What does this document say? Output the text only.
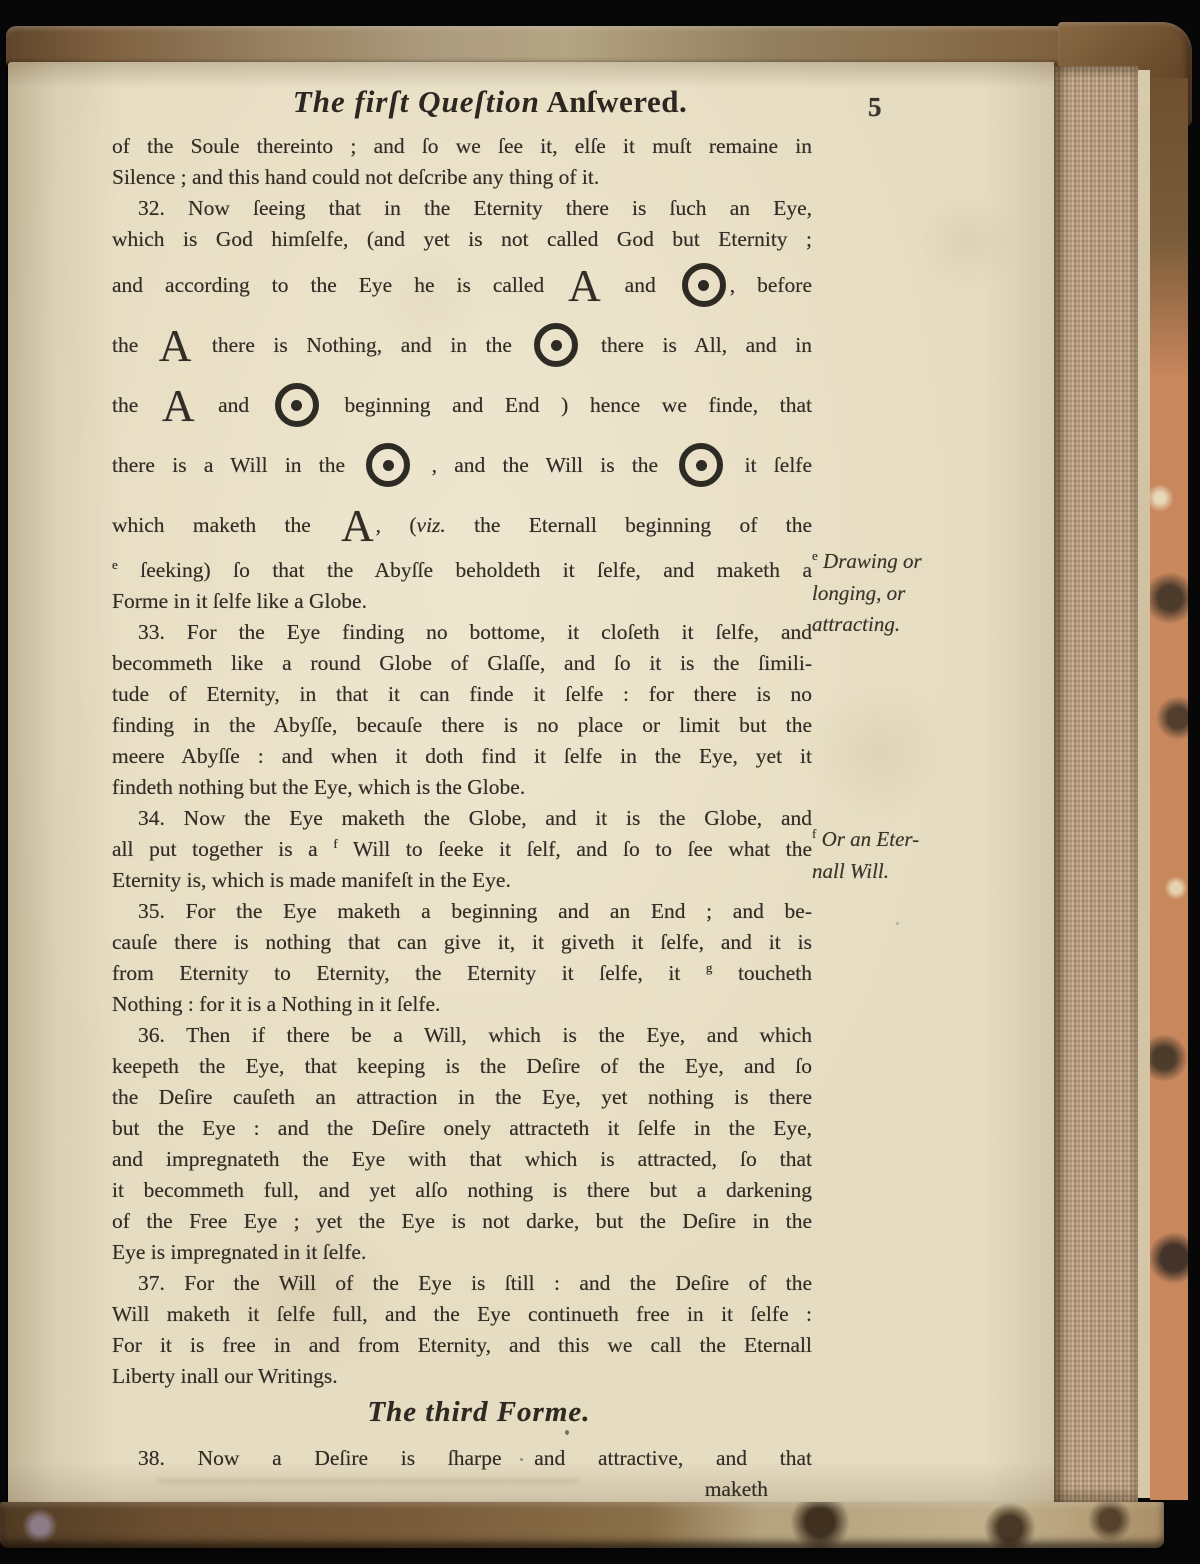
The firſt Queſtion Anſwered.	5
of the Soule thereinto ; and ſo we ſee it, elſe it muſt remaine in
Silence ; and this hand could not deſcribe any thing of it.
32. Now ſeeing that in the Eternity there is ſuch an Eye,
which is God himſelfe, (and yet is not called God but Eternity ;
and according to the Eye he is called A and
, before
the A there is Nothing, and in the
there is All, and in
the A and
beginning and End ) hence we finde, that
there is a Will in the
, and the Will is the
it ſelfe
which maketh the A, (viz. the Eternall beginning of the
$^e$ ſeeking) ſo that the Abyſſe beholdeth it ſelfe, and maketh a
Forme in it ſelfe like a Globe.
33. For the Eye finding no bottome, it cloſeth it ſelfe, and
becommeth like a round Globe of Glaſſe, and ſo it is the ſimili-
tude of Eternity, in that it can finde it ſelfe : for there is no
finding in the Abyſſe, becauſe there is no place or limit but the
meere Abyſſe : and when it doth find it ſelfe in the Eye, yet it
findeth nothing but the Eye, which is the Globe.
34. Now the Eye maketh the Globe, and it is the Globe, and
all put together is a $^f$ Will to ſeeke it ſelf, and ſo to ſee what the
Eternity is, which is made manifeſt in the Eye.
35. For the Eye maketh a beginning and an End ; and be-
cauſe there is nothing that can give it, it giveth it ſelfe, and it is
from Eternity to Eternity, the Eternity it ſelfe, it $^g$ toucheth
Nothing : for it is a Nothing in it ſelfe.
36. Then if there be a Will, which is the Eye, and which
keepeth the Eye, that keeping is the Deſire of the Eye, and ſo
the Deſire cauſeth an attraction in the Eye, yet nothing is there
but the Eye : and the Deſire onely attracteth it ſelfe in the Eye,
and impregnateth the Eye with that which is attracted, ſo that
it becommeth full, and yet alſo nothing is there but a darkening
of the Free Eye ; yet the Eye is not darke, but the Deſire in the
Eye is impregnated in it ſelfe.
37. For the Will of the Eye is ſtill : and the Deſire of the
Will maketh it ſelfe full, and the Eye continueth free in it ſelfe :
For it is free in and from Eternity, and this we call the Eternall
Liberty inall our Writings.
The third Forme.
38. Now a Deſire is ſharpe and attractive, and that
maketh
$^e$ Drawing or
longing, or
attracting.
$^f$ Or an Eter-
nall Will.
